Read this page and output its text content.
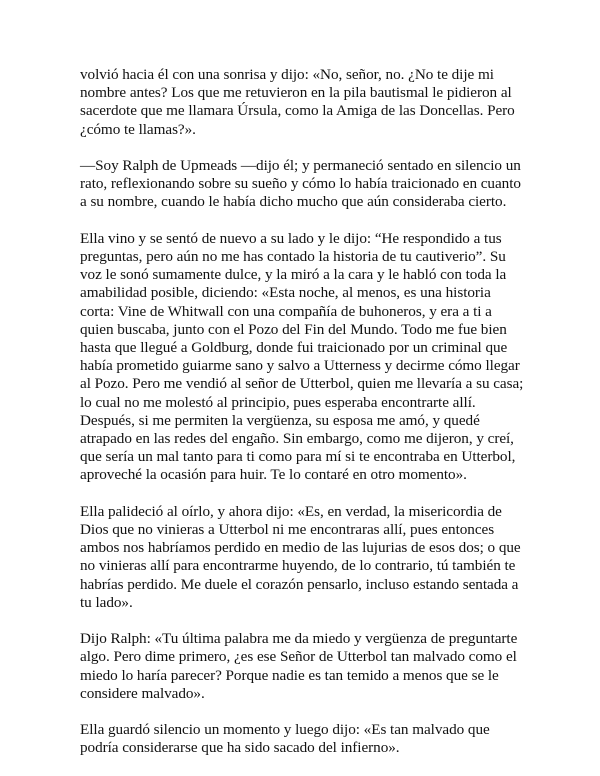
volvió hacia él con una sonrisa y dijo: «No, señor, no. ¿No te dije mi nombre antes? Los que me retuvieron en la pila bautismal le pidieron al sacerdote que me llamara Úrsula, como la Amiga de las Doncellas. Pero ¿cómo te llamas?».

—Soy Ralph de Upmeads —dijo él; y permaneció sentado en silencio un rato, reflexionando sobre su sueño y cómo lo había traicionado en cuanto a su nombre, cuando le había dicho mucho que aún consideraba cierto.

Ella vino y se sentó de nuevo a su lado y le dijo: “He respondido a tus preguntas, pero aún no me has contado la historia de tu cautiverio”. Su voz le sonó sumamente dulce, y la miró a la cara y le habló con toda la amabilidad posible, diciendo: «Esta noche, al menos, es una historia corta: Vine de Whitwall con una compañía de buhoneros, y era a ti a quien buscaba, junto con el Pozo del Fin del Mundo. Todo me fue bien hasta que llegué a Goldburg, donde fui traicionado por un criminal que había prometido guiarme sano y salvo a Utterness y decirme cómo llegar al Pozo. Pero me vendió al señor de Utterbol, quien me llevaría a su casa; lo cual no me molestó al principio, pues esperaba encontrarte allí. Después, si me permiten la vergüenza, su esposa me amó, y quedé atrapado en las redes del engaño. Sin embargo, como me dijeron, y creí, que sería un mal tanto para ti como para mí si te encontraba en Utterbol, aproveché la ocasión para huir. Te lo contaré en otro momento».

Ella palideció al oírlo, y ahora dijo: «Es, en verdad, la misericordia de Dios que no vinieras a Utterbol ni me encontraras allí, pues entonces ambos nos habríamos perdido en medio de las lujurias de esos dos; o que no vinieras allí para encontrarme huyendo, de lo contrario, tú también te habrías perdido. Me duele el corazón pensarlo, incluso estando sentada a tu lado».

Dijo Ralph: «Tu última palabra me da miedo y vergüenza de preguntarte algo. Pero dime primero, ¿es ese Señor de Utterbol tan malvado como el miedo lo haría parecer? Porque nadie es tan temido a menos que se le considere malvado».

Ella guardó silencio un momento y luego dijo: «Es tan malvado que podría considerarse que ha sido sacado del infierno».
